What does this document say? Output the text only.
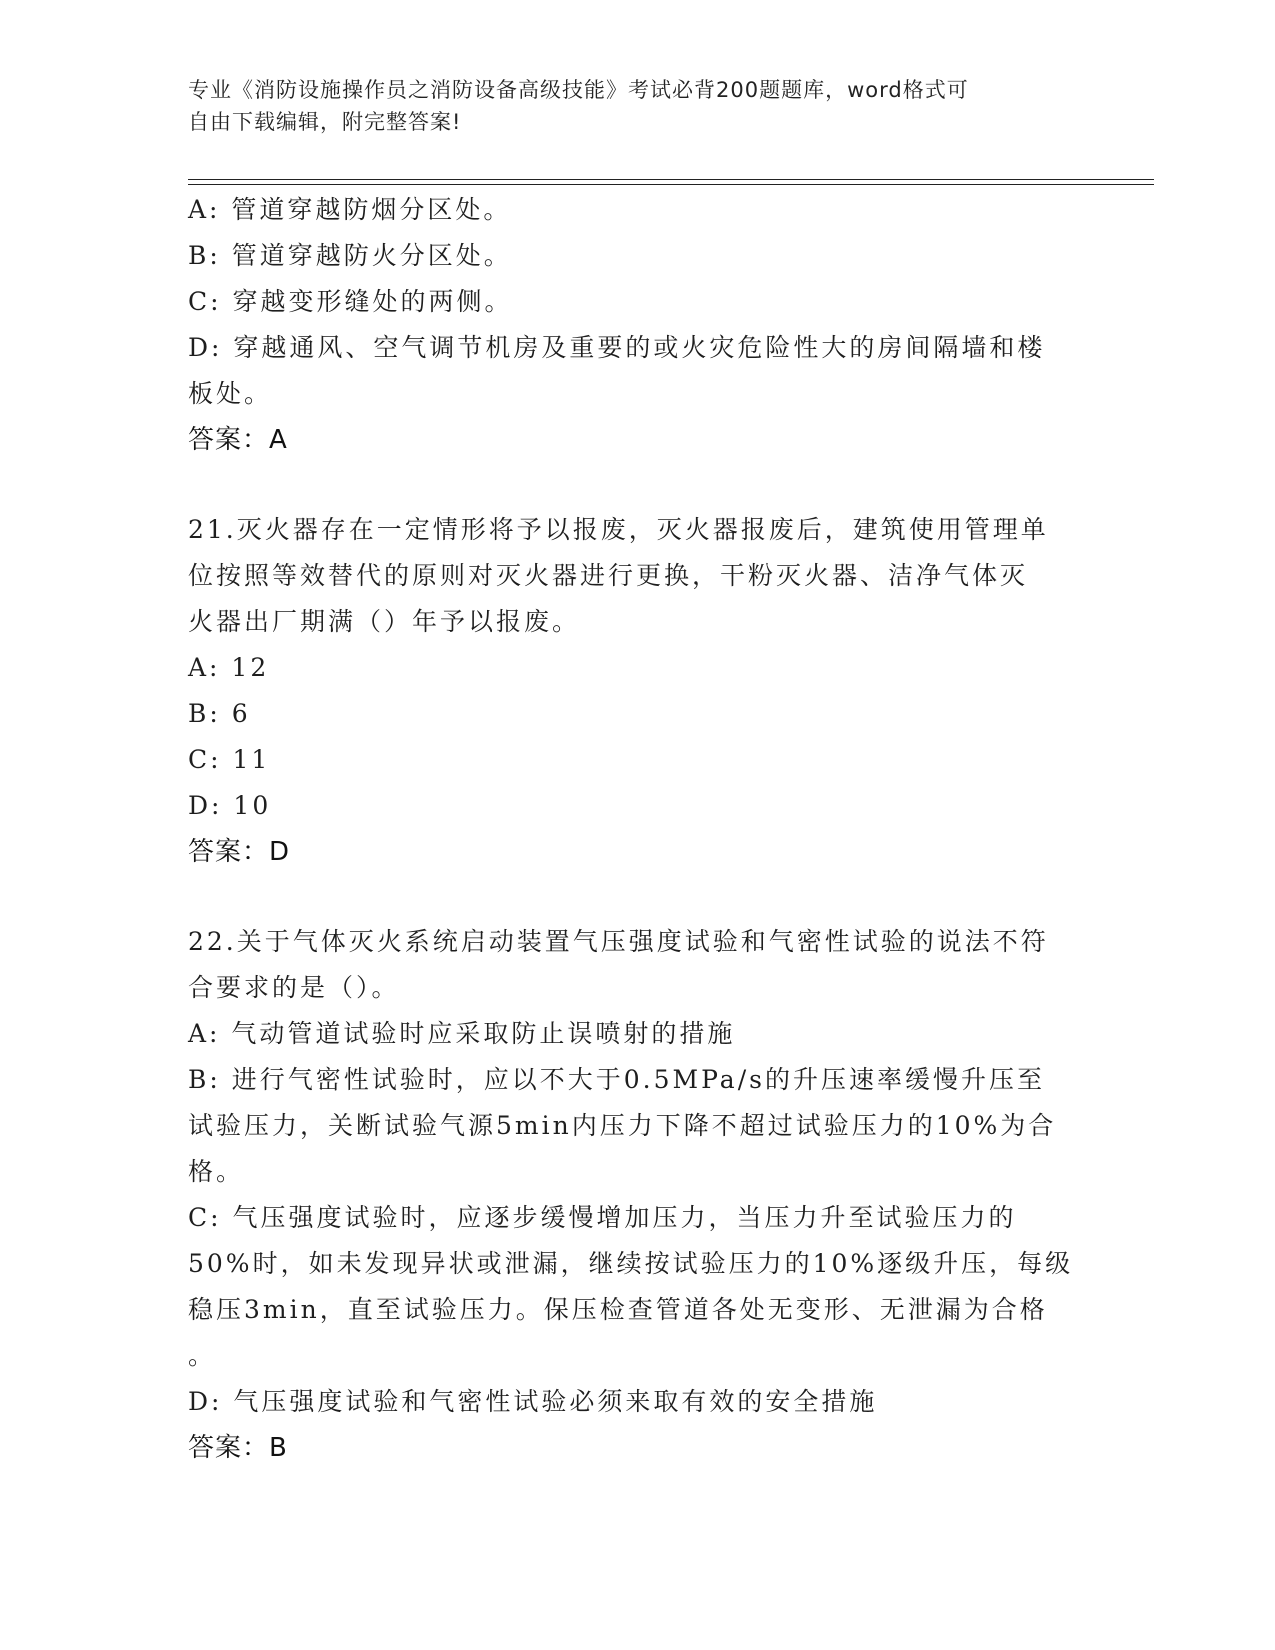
专业《消防设施操作员之消防设备高级技能》考试必背200题题库，word格式可
自由下载编辑，附完整答案!
A: 管道穿越防烟分区处。
B: 管道穿越防火分区处。
C: 穿越变形缝处的两侧。
D: 穿越通风、空气调节机房及重要的或火灾危险性大的房间隔墙和楼
板处。
答案：A
21.灭火器存在一定情形将予以报废，灭火器报废后，建筑使用管理单
位按照等效替代的原则对灭火器进行更换，干粉灭火器、洁净气体灭
火器出厂期满（）年予以报废。
A: 12
B: 6
C: 11
D: 10
答案：D
22.关于气体灭火系统启动装置气压强度试验和气密性试验的说法不符
合要求的是（）。
A: 气动管道试验时应采取防止误喷射的措施
B: 进行气密性试验时，应以不大于0.5MPa/s的升压速率缓慢升压至
试验压力，关断试验气源5min内压力下降不超过试验压力的10%为合
格。
C: 气压强度试验时，应逐步缓慢增加压力，当压力升至试验压力的
50%时，如未发现异状或泄漏，继续按试验压力的10%逐级升压，每级
稳压3min，直至试验压力。保压检查管道各处无变形、无泄漏为合格
。
D: 气压强度试验和气密性试验必须来取有效的安全措施
答案：B
